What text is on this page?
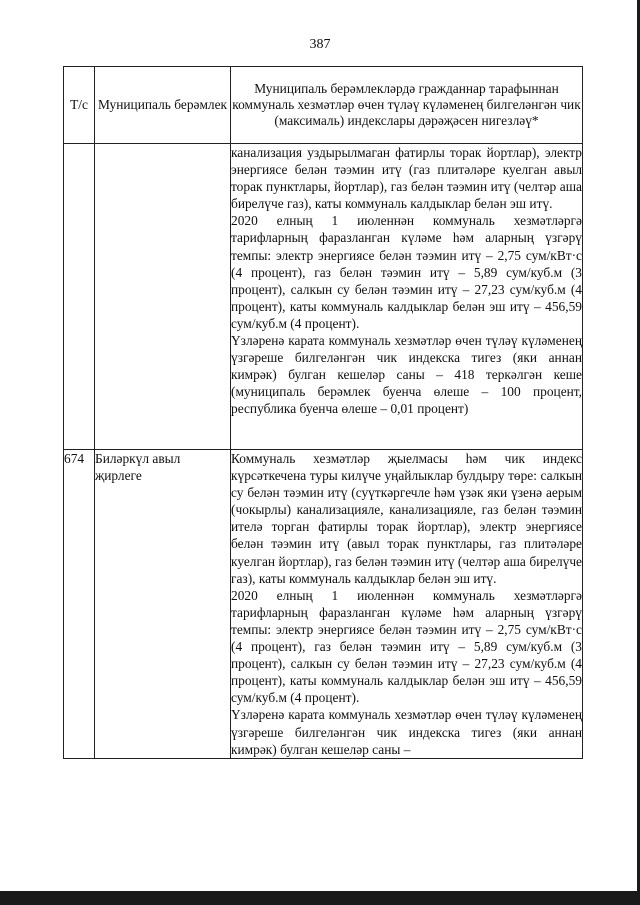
387
Т/с	Муниципаль берәмлек	Муниципаль берәмлекләрдә гражданнар тарафыннан коммуналь хезмәтләр өчен түләү күләменең билгеләнгән чик (максималь) индекслары дәрәҗәсен нигезләү*

		канализация уздырылмаган фатирлы торак йортлар), электр энергиясе белән тәэмин итү (газ плитәләре куелган авыл торак пунктлары, йортлар), газ белән тәэмин итү (челтәр аша бирелүче газ), каты коммуналь калдыклар белән эш итү.

2020 елның 1 июленнән коммуналь хезмәтләргә тарифларның фаразланган күләме һәм аларның үзгәрү темпы: электр энергиясе белән тәэмин итү – 2,75 сум/кВт·с (4 процент), газ белән тәэмин итү – 5,89 сум/куб.м (3 процент), салкын су белән тәэмин итү – 27,23 сум/куб.м (4 процент), каты коммуналь калдыклар белән эш итү – 456,59 сум/куб.м (4 процент).

Үзләренә карата коммуналь хезмәтләр өчен түләү күләменең үзгәреше билгеләнгән чик индекска тигез (яки аннан кимрәк) булган кешеләр саны – 418 теркәлгән кеше (муниципаль берәмлек буенча өлеше – 100 процент, республика буенча өлеше – 0,01 процент)

674	Биләркүл авыл җирлеге	Коммуналь хезмәтләр җыелмасы һәм чик индекс күрсәткечена туры килүче уңайлыклар булдыру төре: салкын су белән тәэмин итү (суүткәргечле һәм үзәк яки үзенә аерым (чокырлы) канализацияле, канализацияле, газ белән тәэмин ителә торган фатирлы торак йортлар), электр энергиясе белән тәэмин итү (авыл торак пунктлары, газ плитәләре куелган йортлар), газ белән тәэмин итү (челтәр аша бирелүче газ), каты коммуналь калдыклар белән эш итү.

2020 елның 1 июленнән коммуналь хезмәтләргә тарифларның фаразланган күләме һәм аларның үзгәрү темпы: электр энергиясе белән тәэмин итү – 2,75 сум/кВт·с (4 процент), газ белән тәэмин итү – 5,89 сум/куб.м (3 процент), салкын су белән тәэмин итү – 27,23 сум/куб.м (4 процент), каты коммуналь калдыклар белән эш итү – 456,59 сум/куб.м (4 процент).

Үзләренә карата коммуналь хезмәтләр өчен түләү күләменең үзгәреше билгеләнгән чик индекска тигез (яки аннан кимрәк) булган кешеләр саны –
